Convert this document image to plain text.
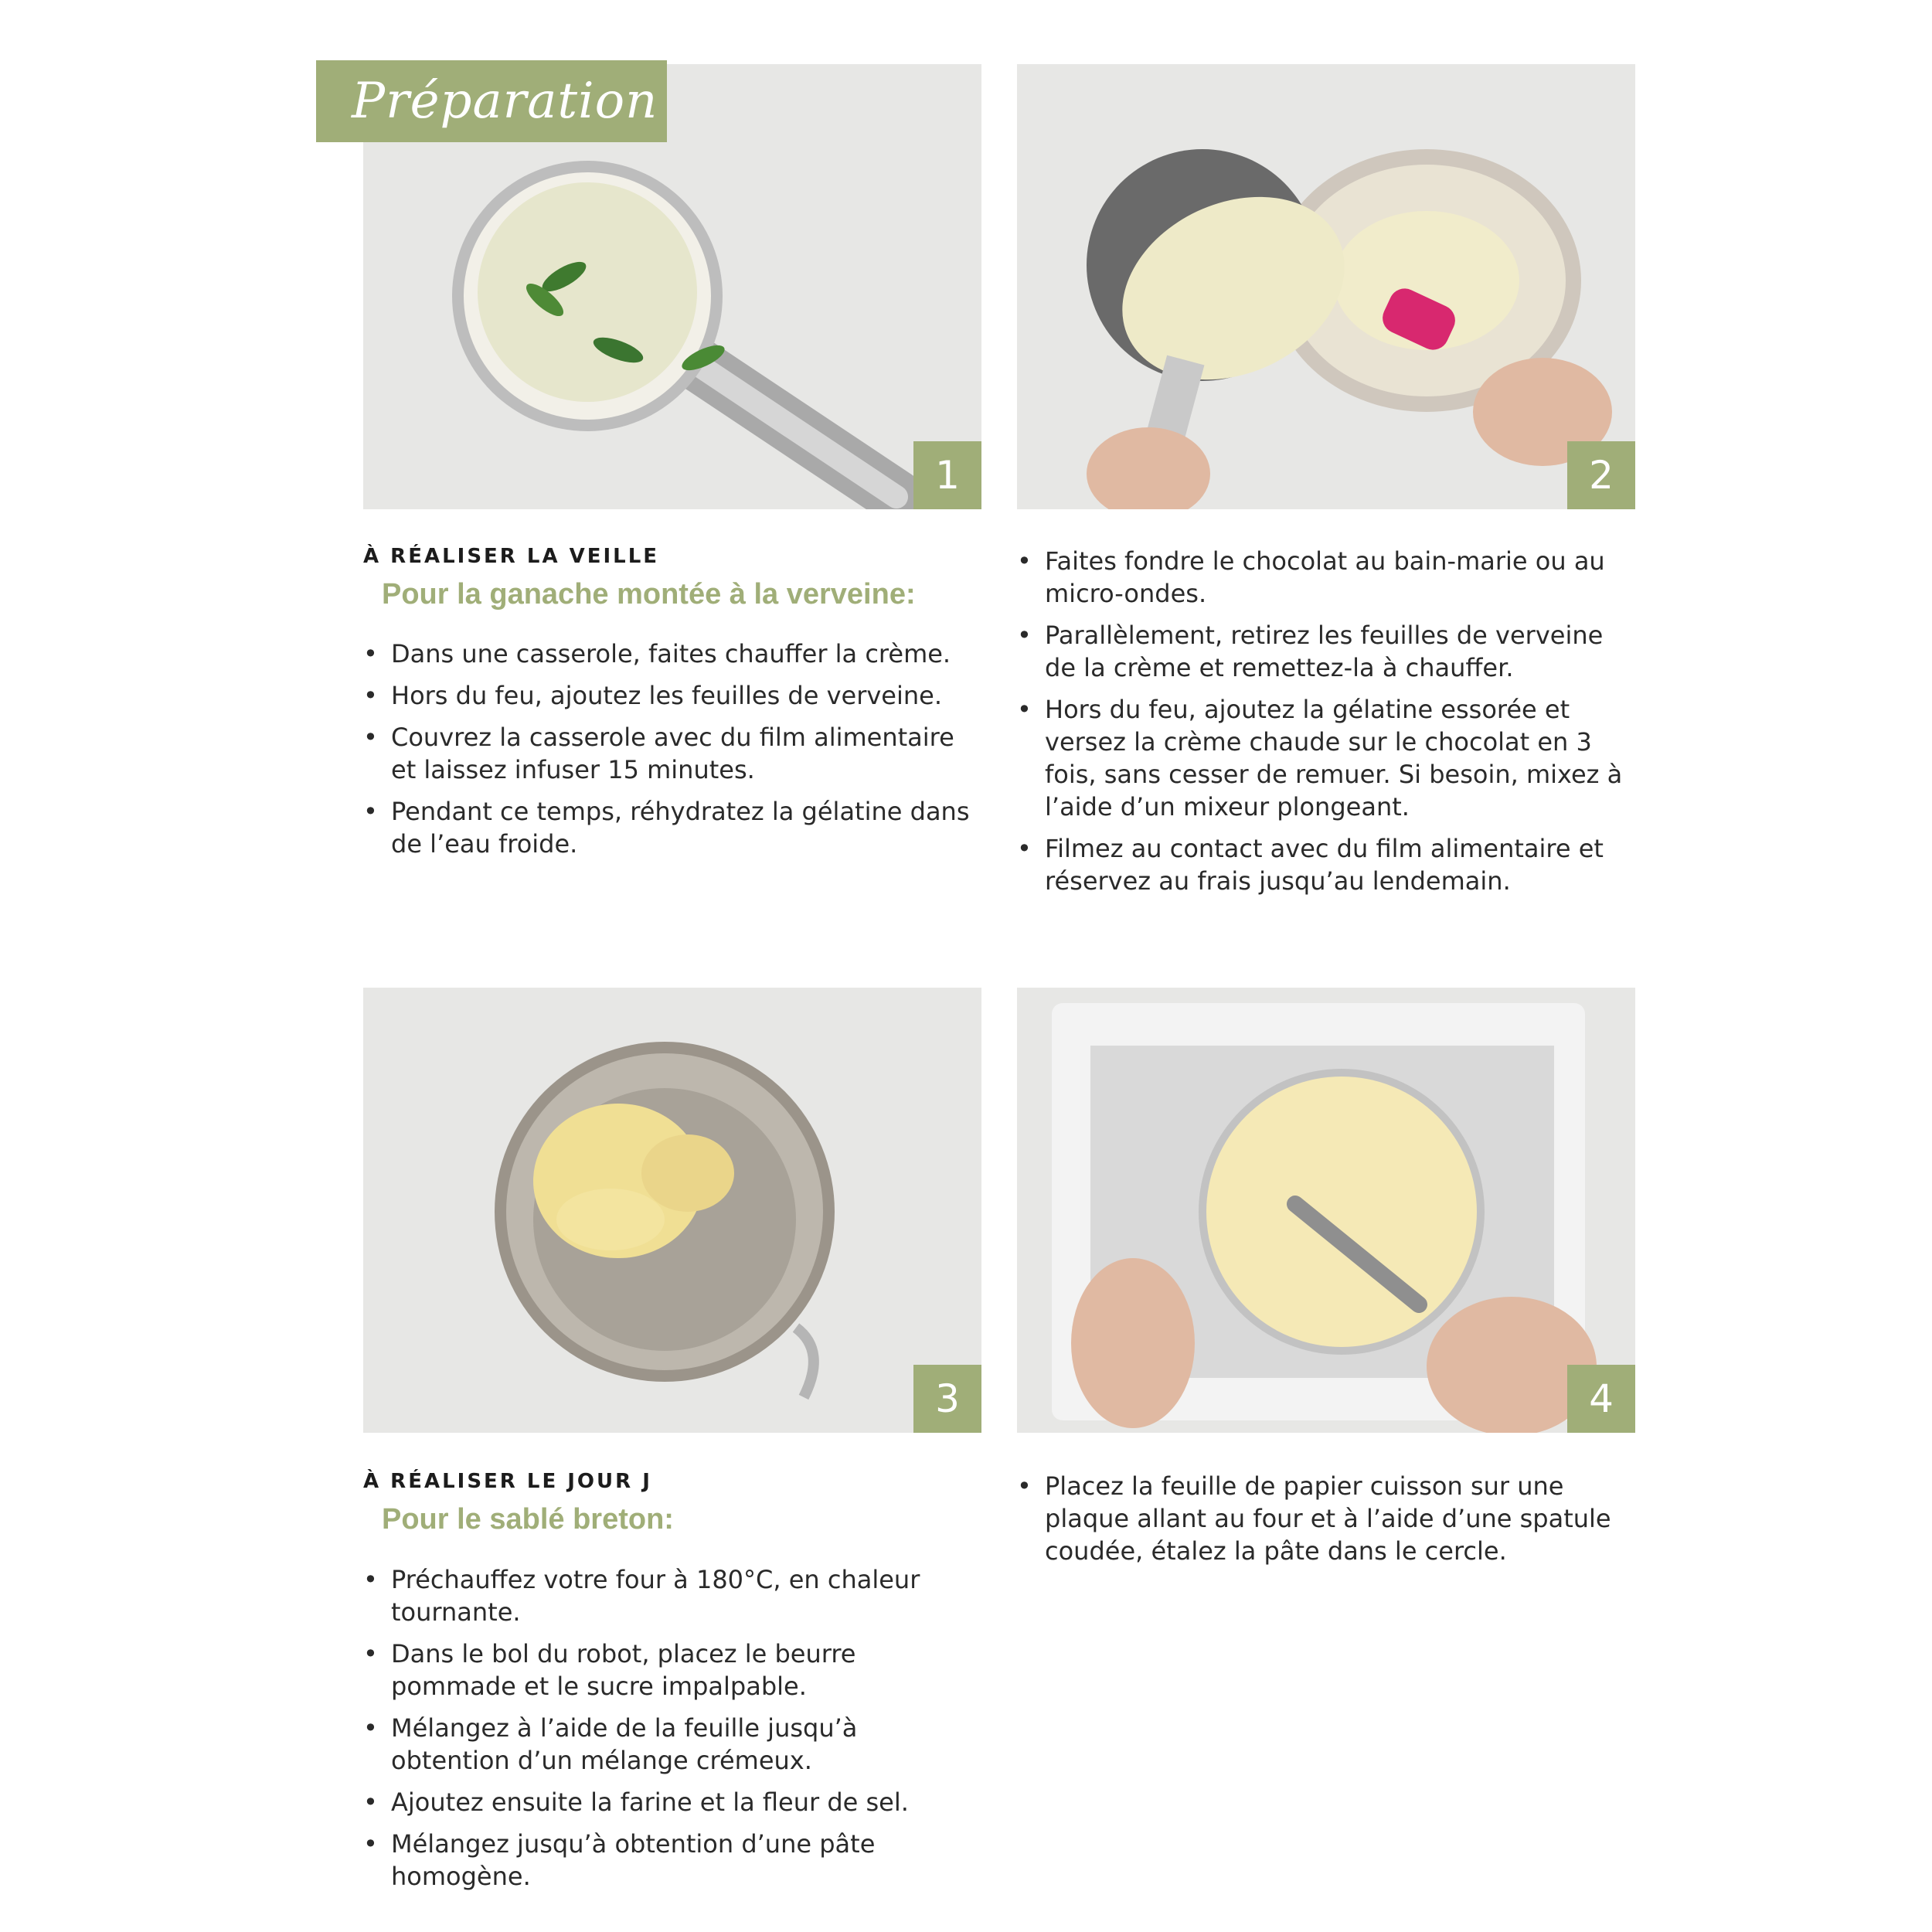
Préparation
1	2
À RÉALISER LA VEILLE
Pour la ganache montée à la verveine:
• Dans une casserole, faites chauffer la crème.
• Hors du feu, ajoutez les feuilles de verveine.
• Couvrez la casserole avec du film alimentaire et laissez infuser 15 minutes.
• Pendant ce temps, réhydratez la gélatine dans de l’eau froide.
• Faites fondre le chocolat au bain-marie ou au micro-ondes.
• Parallèlement, retirez les feuilles de verveine de la crème et remettez-la à chauffer.
• Hors du feu, ajoutez la gélatine essorée et versez la crème chaude sur le chocolat en 3 fois, sans cesser de remuer. Si besoin, mixez à l’aide d’un mixeur plongeant.
• Filmez au contact avec du film alimentaire et réservez au frais jusqu’au lendemain.
3	4
À RÉALISER LE JOUR J
Pour le sablé breton:
• Préchauffez votre four à 180°C, en chaleur tournante.
• Dans le bol du robot, placez le beurre pommade et le sucre impalpable.
• Mélangez à l’aide de la feuille jusqu’à obtention d’un mélange crémeux.
• Ajoutez ensuite la farine et la fleur de sel.
• Mélangez jusqu’à obtention d’une pâte homogène.
• Placez la feuille de papier cuisson sur une plaque allant au four et à l’aide d’une spatule coudée, étalez la pâte dans le cercle.
